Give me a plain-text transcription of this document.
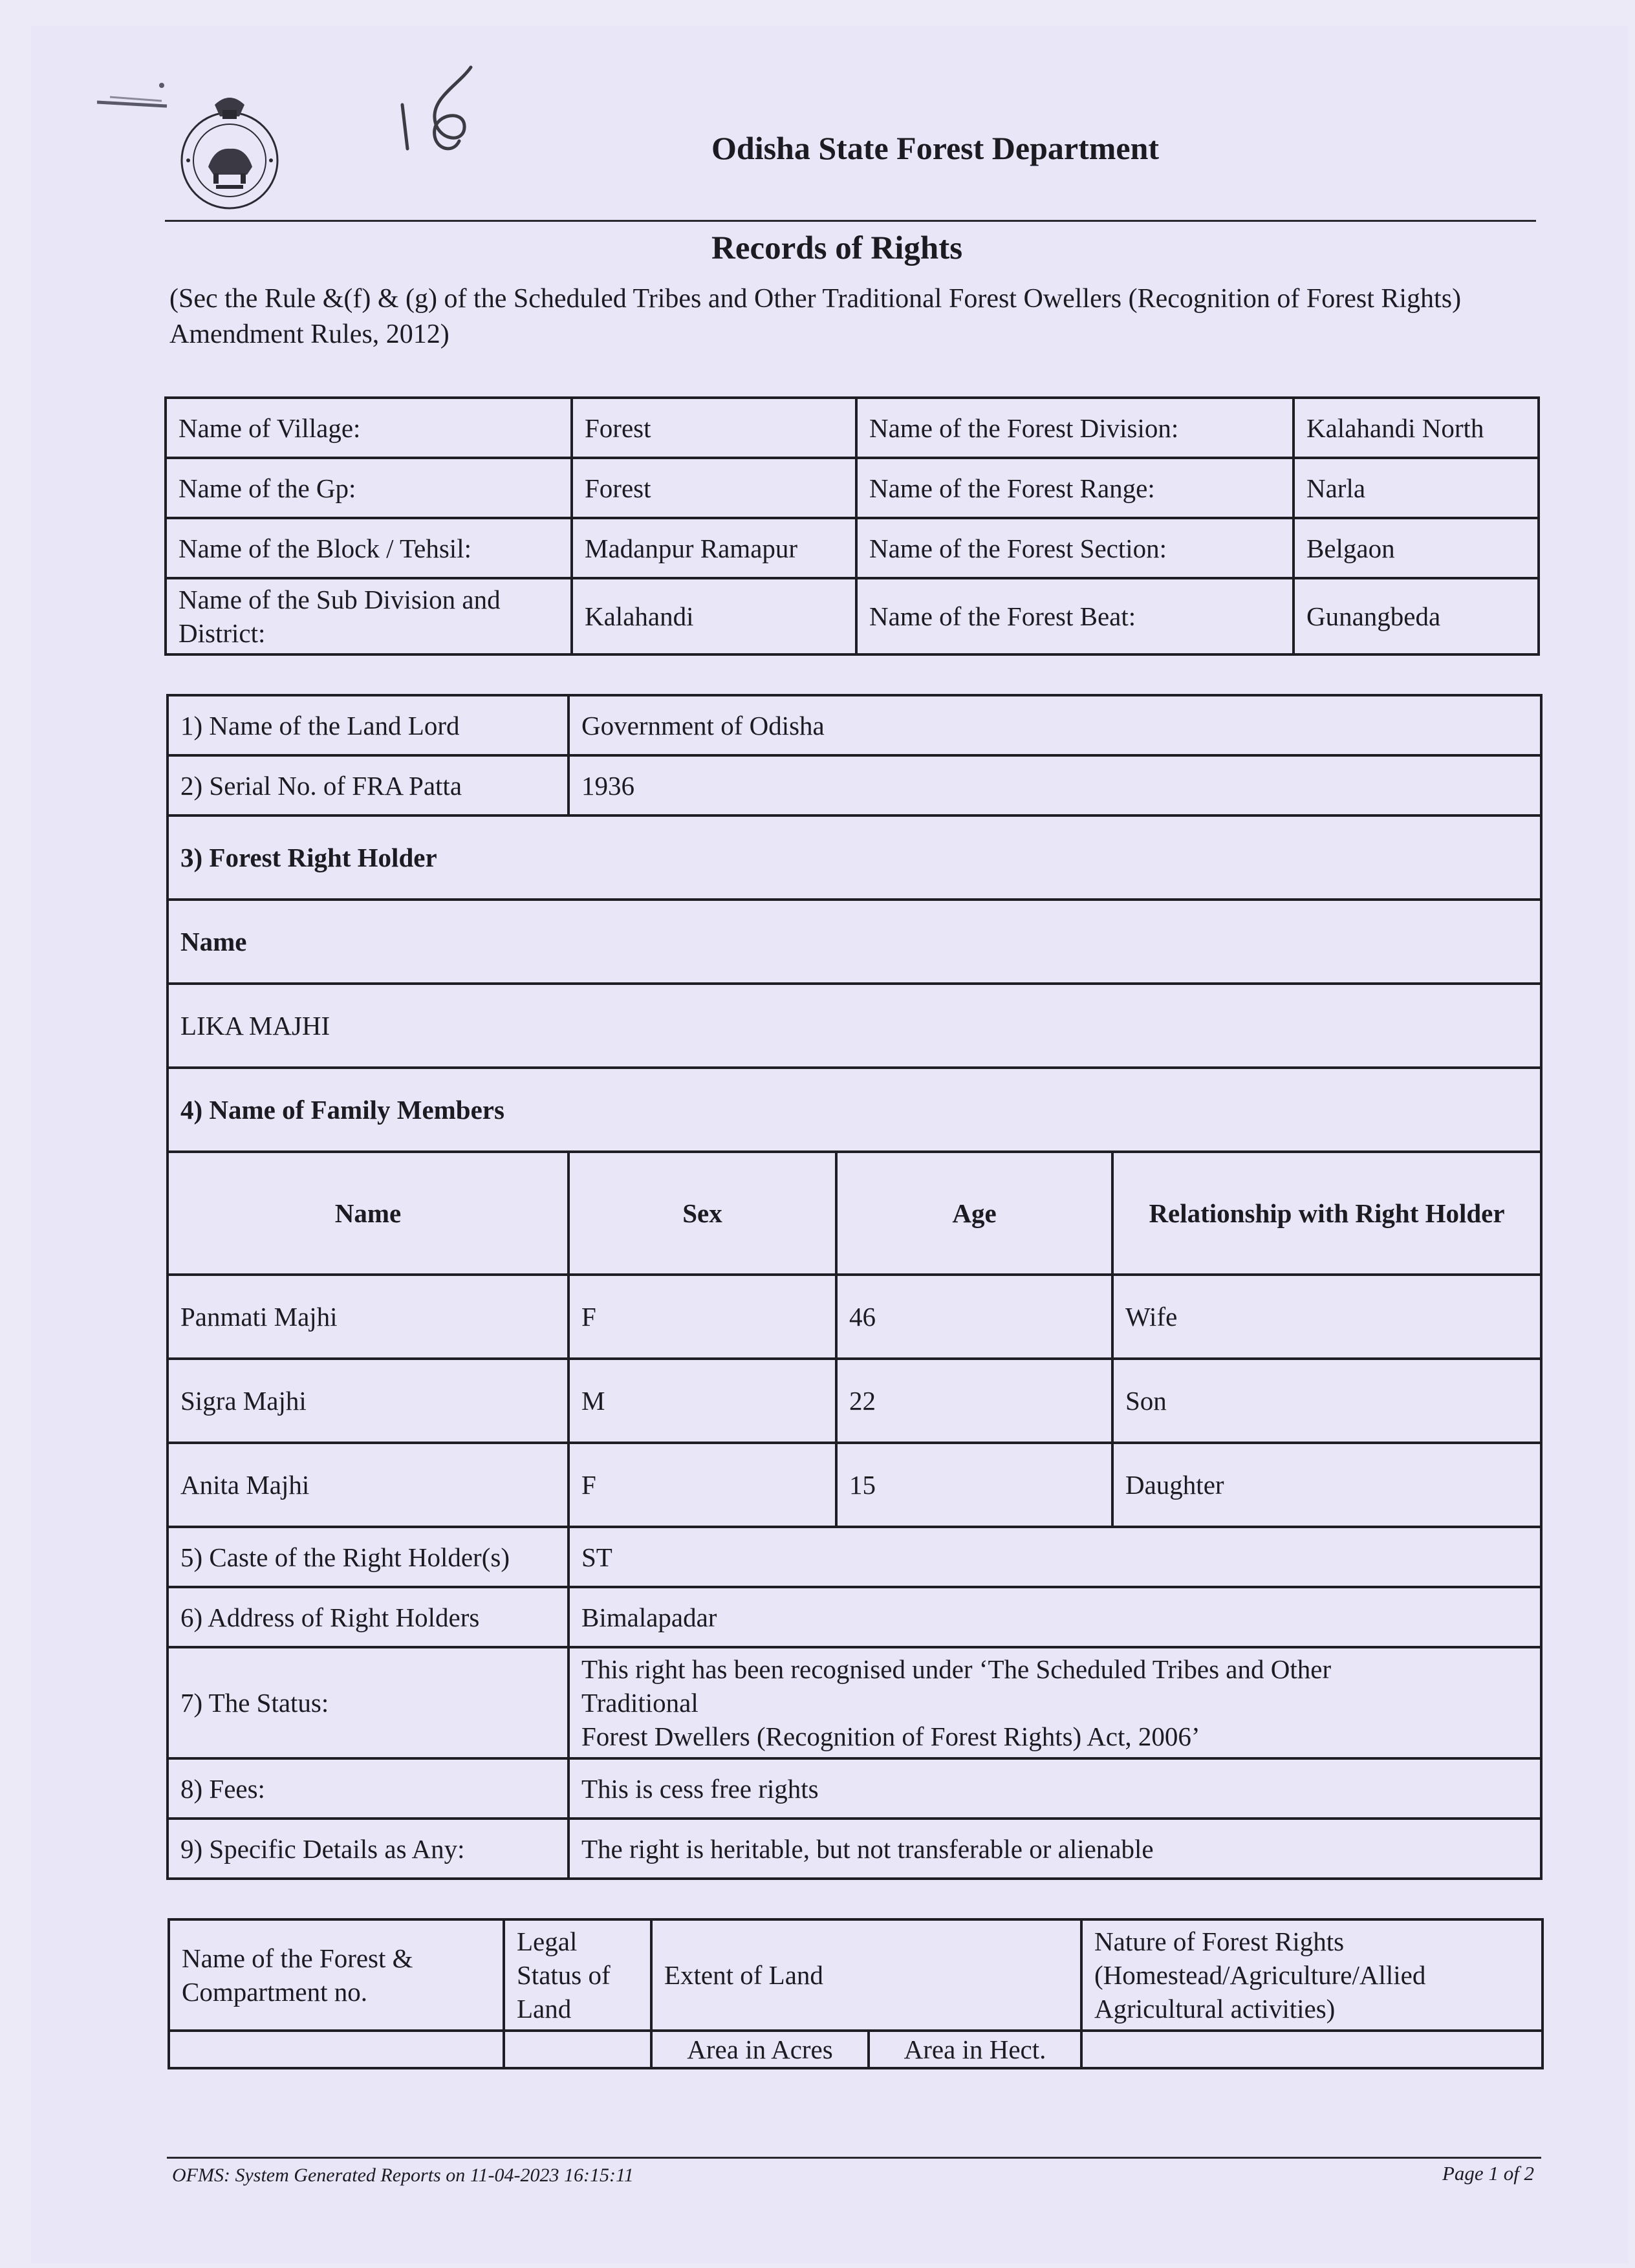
Odisha State Forest Department
Records of Rights
(Sec the Rule &(f) & (g) of the Scheduled Tribes and Other Traditional Forest Owellers (Recognition of Forest Rights) Amendment Rules, 2012)
Name of Village:	Forest	Name of the Forest Division:	Kalahandi North
Name of the Gp:	Forest	Name of the Forest Range:	Narla
Name of the Block / Tehsil:	Madanpur Ramapur	Name of the Forest Section:	Belgaon
Name of the Sub Division and District:	Kalahandi	Name of the Forest Beat:	Gunangbeda
1) Name of the Land Lord	Government of Odisha		
2) Serial No. of FRA Patta	1936		
3) Forest Right Holder			
Name			
LIKA MAJHI			
4) Name of Family Members			
Name	Sex	Age	Relationship with Right Holder
Panmati Majhi	F	46	Wife
Sigra Majhi	M	22	Son
Anita Majhi	F	15	Daughter
5) Caste of the Right Holder(s)	ST		
6) Address of Right Holders	Bimalapadar		
7) The Status:	This right has been recognised under ‘The Scheduled Tribes and Other
Traditional
Forest Dwellers (Recognition of Forest Rights) Act, 2006’		

8) Fees:	This is cess free rights		
9) Specific Details as Any:	The right is heritable, but not transferable or alienable		
Name of the Forest & Compartment no.	Legal Status of Land	Extent of Land		Nature of Forest Rights (Homestead/Agriculture/Allied Agricultural activities)
		Area in Acres	Area in Hect.	
OFMS: System Generated Reports on 11-04-2023 16:15:11	Page 1 of 2
